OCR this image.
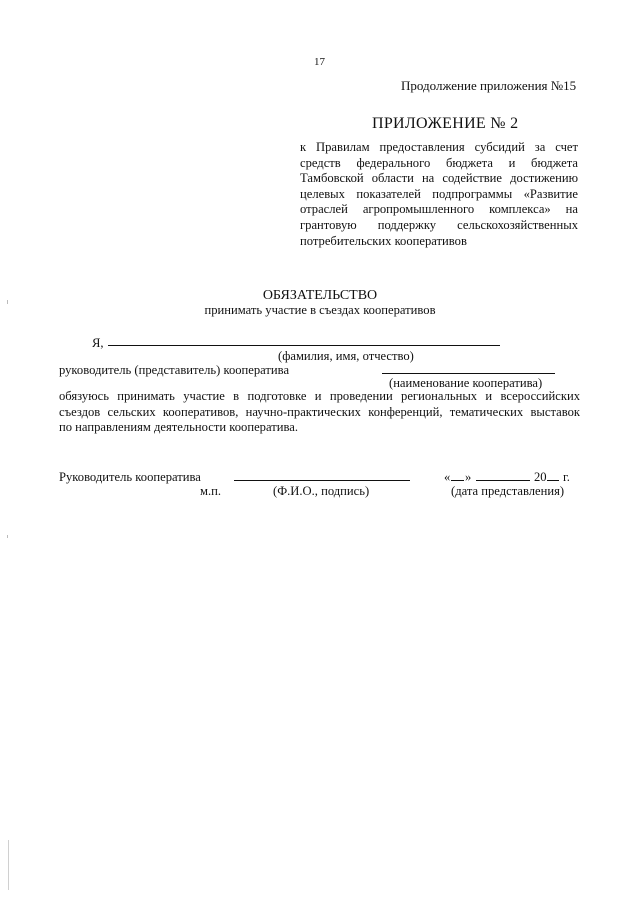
17
Продолжение приложения №15
ПРИЛОЖЕНИЕ № 2
к Правилам предоставления субсидий за счет
средств федерального бюджета и бюджета
Тамбовской области на содействие достижению
целевых показателей подпрограммы «Развитие
отраслей агропромышленного комплекса» на
грантовую поддержку сельскохозяйственных
потребительских кооперативов
ОБЯЗАТЕЛЬСТВО
принимать участие в съездах кооперативов
Я,
(фамилия, имя, отчество)
руководитель (представитель) кооператива
(наименование кооператива)
обязуюсь принимать участие в подготовке и проведении региональных и всероссийских
съездов сельских кооперативов, научно-практических конференций, тематических выставок
по направлениям деятельности кооператива.
Руководитель кооператива
м.п.	(Ф.И.О., подпись)
« »	20 г.
(дата представления)
